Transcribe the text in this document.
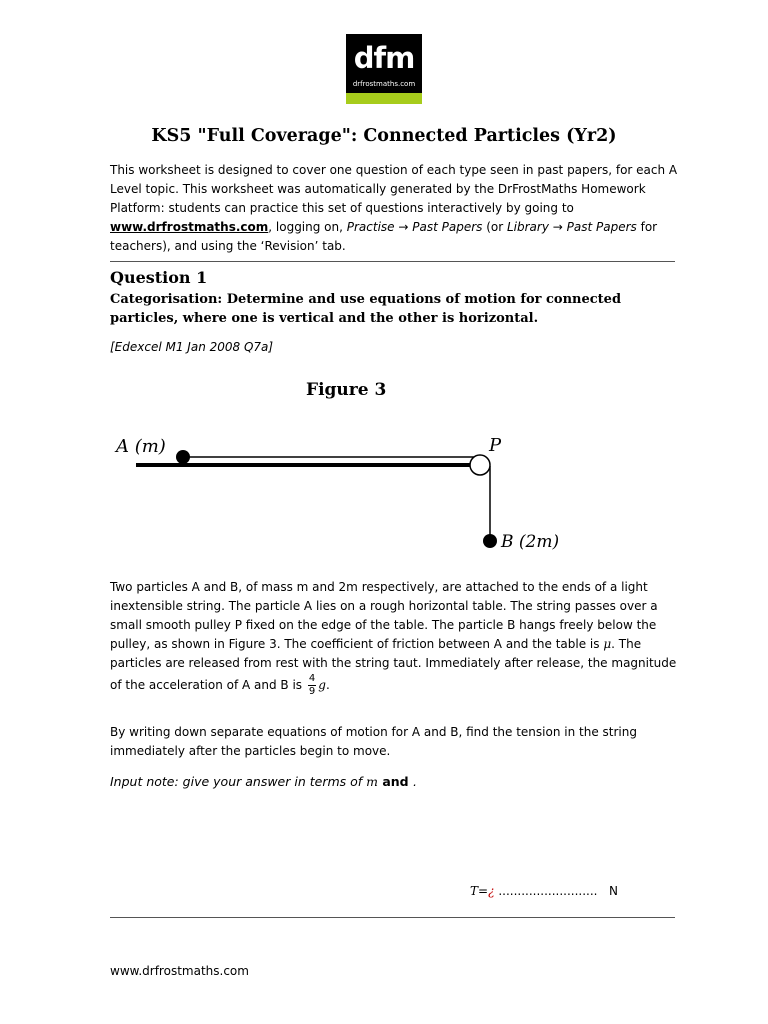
dfm
drfrostmaths.com
KS5 "Full Coverage": Connected Particles (Yr2)
This worksheet is designed to cover one question of each type seen in past papers, for each A Level topic. This worksheet was automatically generated by the DrFrostMaths Homework Platform: students can practice this set of questions interactively by going to www.drfrostmaths.com, logging on, Practise → Past Papers (or Library → Past Papers for teachers), and using the ‘Revision’ tab.
Question 1
Categorisation: Determine and use equations of motion for connected particles, where one is vertical and the other is horizontal.
[Edexcel M1 Jan 2008 Q7a]
Figure 3
A (m)	P
B (2m)
Two particles A and B, of mass m and 2m respectively, are attached to the ends of a light inextensible string. The particle A lies on a rough horizontal table. The string passes over a small smooth pulley P fixed on the edge of the table. The particle B hangs freely below the pulley, as shown in Figure 3. The coefficient of friction between A and the table is μ. The particles are released from rest with the string taut. Immediately after release, the magnitude of the acceleration of A and B is $\frac{4}{9} g$.
By writing down separate equations of motion for A and B, find the tension in the string immediately after the particles begin to move.
Input note: give your answer in terms of m and .
T=¿ .......................... N
www.drfrostmaths.com
